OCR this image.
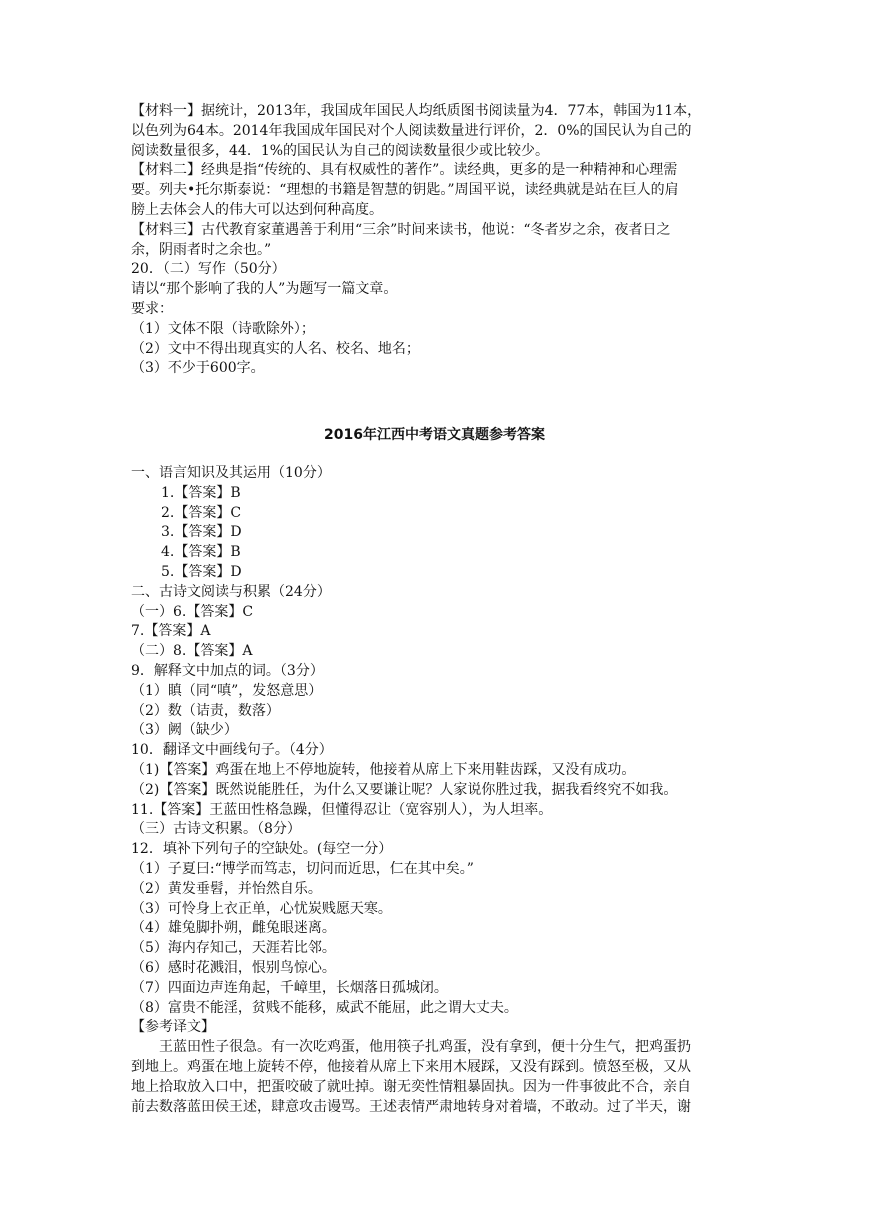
【材料一】据统计，2013年，我国成年国民人均纸质图书阅读量为4．77本，韩国为11本，
以色列为64本。2014年我国成年国民对个人阅读数量进行评价，2．0%的国民认为自己的
阅读数量很多，44．1%的国民认为自己的阅读数量很少或比较少。
【材料二】经典是指“传统的、具有权威性的著作”。读经典，更多的是一种精神和心理需
要。列夫•托尔斯泰说：“理想的书籍是智慧的钥匙。”周国平说，读经典就是站在巨人的肩
膀上去体会人的伟大可以达到何种高度。
【材料三】古代教育家董遇善于利用“三余”时间来读书，他说：“冬者岁之余，夜者日之
余，阴雨者时之余也。”
20．（二）写作（50分）
请以“那个影响了我的人”为题写一篇文章。
要求：
（1）文体不限（诗歌除外）；
（2）文中不得出现真实的人名、校名、地名；
（3）不少于600字。
2016年江西中考语文真题参考答案
一、语言知识及其运用（10分）
1.【答案】B
2.【答案】C
3.【答案】D
4.【答案】B
5.【答案】D
二、古诗文阅读与积累（24分）
（一）6.【答案】C
7.【答案】A
（二）8.【答案】A
9．解释文中加点的词。（3分）
（1）瞋（同“嗔”，发怒意思）
（2）数（诘责，数落）
（3）阙（缺少）
10．翻译文中画线句子。（4分）
（1)【答案】鸡蛋在地上不停地旋转，他接着从席上下来用鞋齿踩，又没有成功。
（2)【答案】既然说能胜任，为什么又要谦让呢？人家说你胜过我，据我看终究不如我。
11.【答案】王蓝田性格急躁，但懂得忍让（宽容别人），为人坦率。
（三）古诗文积累。（8分）
12．填补下列句子的空缺处。(每空一分）
（1）子夏曰:“博学而笃志，切问而近思，仁在其中矣。”
（2）黄发垂髫，并怡然自乐。
（3）可怜身上衣正单，心忧炭贱愿天寒。
（4）雄兔脚扑朔，雌兔眼迷离。
（5）海内存知己，天涯若比邻。
（6）感时花溅泪，恨别鸟惊心。
（7）四面边声连角起，千嶂里，长烟落日孤城闭。
（8）富贵不能淫，贫贱不能移，威武不能屈，此之谓大丈夫。
【参考译文】
王蓝田性子很急。有一次吃鸡蛋，他用筷子扎鸡蛋，没有拿到，便十分生气，把鸡蛋扔
到地上。鸡蛋在地上旋转不停，他接着从席上下来用木屐踩，又没有踩到。愤怒至极，又从
地上拾取放入口中，把蛋咬破了就吐掉。谢无奕性情粗暴固执。因为一件事彼此不合，亲自
前去数落蓝田侯王述，肆意攻击谩骂。王述表情严肃地转身对着墙，不敢动。过了半天，谢
